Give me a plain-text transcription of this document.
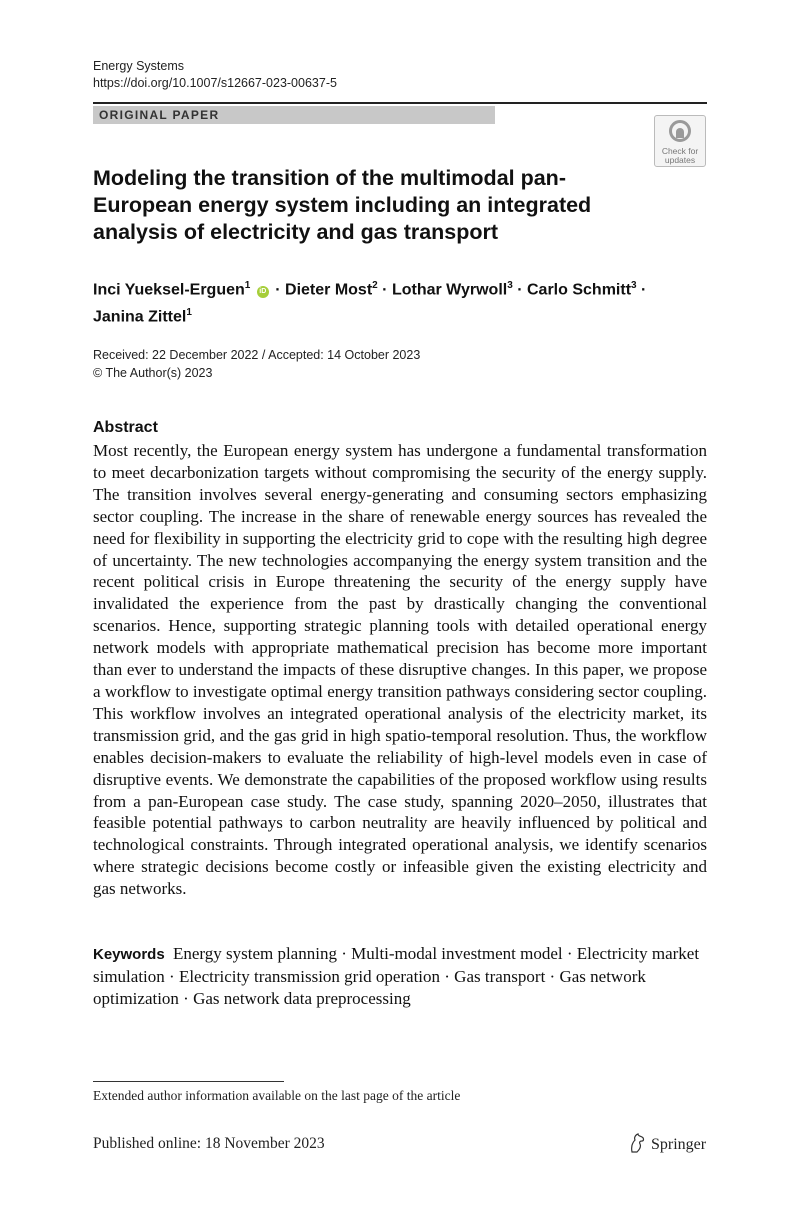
Energy Systems
https://doi.org/10.1007/s12667-023-00637-5
ORIGINAL PAPER
Check for
updates
Modeling the transition of the multimodal pan-European energy system including an integrated analysis of electricity and gas transport
Inci Yueksel-Erguen$^1$ iD · Dieter Most$^2$ · Lothar Wyrwoll$^3$ · Carlo Schmitt$^3$ ·
Janina Zittel$^1$
Received: 22 December 2022 / Accepted: 14 October 2023
© The Author(s) 2023
Abstract

Most recently, the European energy system has undergone a fundamental transformation to meet decarbonization targets without compromising the security of the energy supply. The transition involves several energy-generating and consuming sectors emphasizing sector coupling. The increase in the share of renewable energy sources has revealed the need for flexibility in supporting the electricity grid to cope with the resulting high degree of uncertainty. The new technologies accompanying the energy system transition and the recent political crisis in Europe threatening the security of the energy supply have invalidated the experience from the past by drastically changing the conventional scenarios. Hence, supporting strategic planning tools with detailed operational energy network models with appropriate mathematical precision has become more important than ever to understand the impacts of these disruptive changes. In this paper, we propose a workflow to investigate optimal energy transition pathways considering sector coupling. This workflow involves an integrated operational analysis of the electricity market, its transmission grid, and the gas grid in high spatio-temporal resolution. Thus, the workflow enables decision-makers to evaluate the reliability of high-level models even in case of disruptive events. We demonstrate the capabilities of the proposed workflow using results from a pan-European case study. The case study, spanning 2020–2050, illustrates that feasible potential pathways to carbon neutrality are heavily influenced by political and technological constraints. Through integrated operational analysis, we identify scenarios where strategic decisions become costly or infeasible given the existing electricity and gas networks.

Keywords Energy system planning · Multi-modal investment model · Electricity market simulation · Electricity transmission grid operation · Gas transport · Gas network optimization · Gas network data preprocessing

Extended author information available on the last page of the article
Published online: 18 November 2023	Springer
